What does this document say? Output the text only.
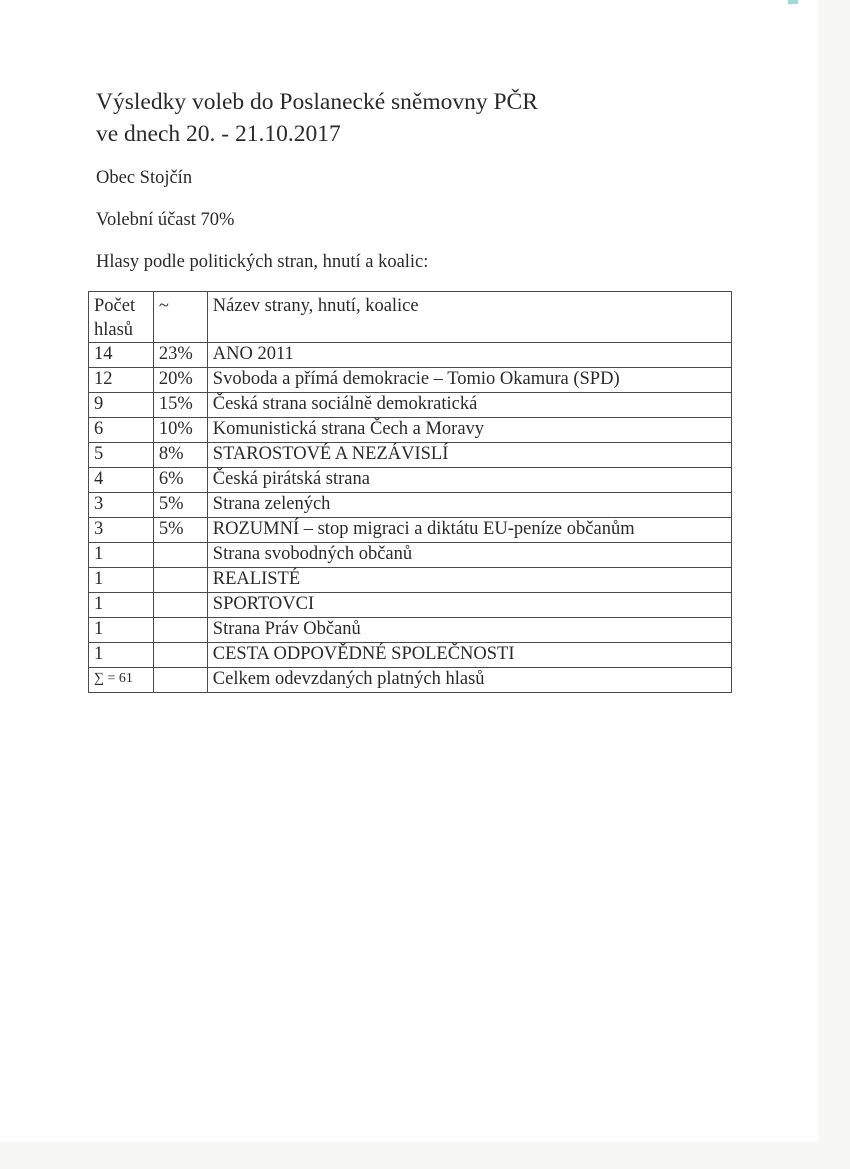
Výsledky voleb do Poslanecké sněmovny PČR
ve dnech 20. - 21.10.2017
Obec Stojčín
Volební účast 70%
Hlasy podle politických stran, hnutí a koalic:
Počet hlasů	~	Název strany, hnutí, koalice
14	23%	ANO 2011
12	20%	Svoboda a přímá demokracie – Tomio Okamura (SPD)
9	15%	Česká strana sociálně demokratická
6	10%	Komunistická strana Čech a Moravy
5	8%	STAROSTOVÉ A NEZÁVISLÍ
4	6%	Česká pirátská strana
3	5%	Strana zelených
3	5%	ROZUMNÍ – stop migraci a diktátu EU-peníze občanům
1		Strana svobodných občanů
1		REALISTÉ
1		SPORTOVCI
1		Strana Práv Občanů
1		CESTA ODPOVĚDNÉ SPOLEČNOSTI
∑ = 61		Celkem odevzdaných platných hlasů
